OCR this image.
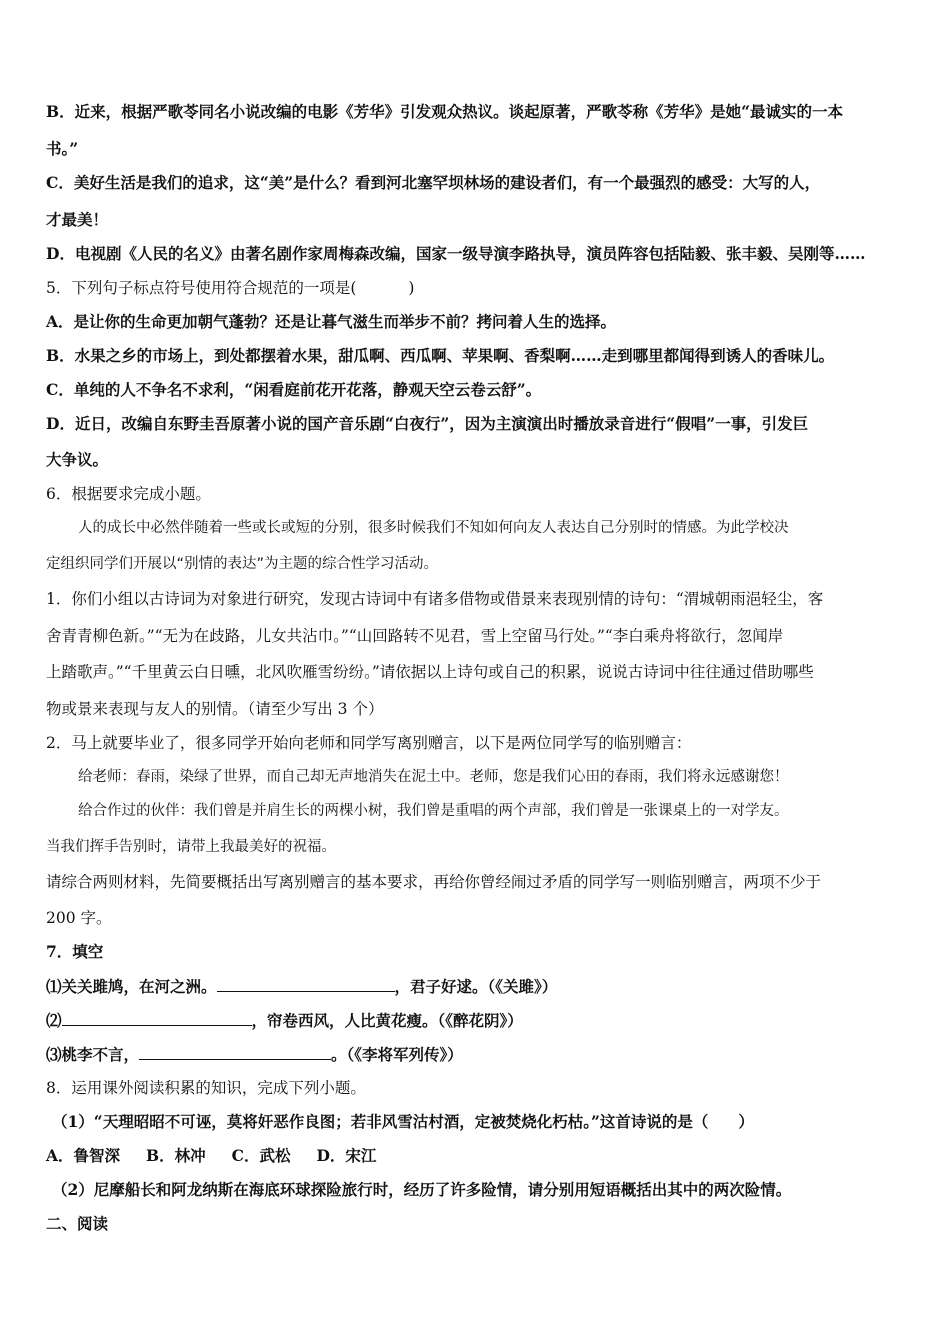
B．近来，根据严歌苓同名小说改编的电影《芳华》引发观众热议。谈起原著，严歌苓称《芳华》是她“最诚实的一本
书。”
C．美好生活是我们的追求，这“美”是什么？看到河北塞罕坝林场的建设者们，有一个最强烈的感受：大写的人，
才最美！
D．电视剧《人民的名义》由著名剧作家周梅森改编，国家一级导演李路执导，演员阵容包括陆毅、张丰毅、吴刚等……
5．下列句子标点符号使用符合规范的一项是(	)
A．是让你的生命更加朝气蓬勃？还是让暮气滋生而举步不前？拷问着人生的选择。
B．水果之乡的市场上，到处都摆着水果，甜瓜啊、西瓜啊、苹果啊、香梨啊……走到哪里都闻得到诱人的香味儿。
C．单纯的人不争名不求利，“闲看庭前花开花落，静观天空云卷云舒”。
D．近日，改编自东野圭吾原著小说的国产音乐剧“白夜行”，因为主演演出时播放录音进行“假唱”一事，引发巨
大争议。
6．根据要求完成小题。
人的成长中必然伴随着一些或长或短的分别，很多时候我们不知如何向友人表达自己分别时的情感。为此学校决
定组织同学们开展以“别情的表达”为主题的综合性学习活动。
1．你们小组以古诗词为对象进行研究，发现古诗词中有诸多借物或借景来表现别情的诗句：“渭城朝雨浥轻尘，客
舍青青柳色新。”“无为在歧路，儿女共沾巾。”“山回路转不见君，雪上空留马行处。”“李白乘舟将欲行，忽闻岸
上踏歌声。”“千里黄云白日曛，北风吹雁雪纷纷。”请依据以上诗句或自己的积累，说说古诗词中往往通过借助哪些
物或景来表现与友人的别情。（请至少写出 3 个）
2．马上就要毕业了，很多同学开始向老师和同学写离别赠言，以下是两位同学写的临别赠言：
给老师：春雨，染绿了世界，而自己却无声地消失在泥土中。老师，您是我们心田的春雨，我们将永远感谢您！
给合作过的伙伴：我们曾是并肩生长的两棵小树，我们曾是重唱的两个声部，我们曾是一张课桌上的一对学友。
当我们挥手告别时，请带上我最美好的祝福。
请综合两则材料，先简要概括出写离别赠言的基本要求，再给你曾经闹过矛盾的同学写一则临别赠言，两项不少于
200 字。
7．填空
⑴关关雎鸠，在河之洲。	，君子好逑。（《关雎》）
⑵	，帘卷西风，人比黄花瘦。（《醉花阴》）
⑶桃李不言，	。（《李将军列传》）
8．运用课外阅读积累的知识，完成下列小题。
（1）“天理昭昭不可诬，莫将奸恶作良图；若非风雪沽村酒，定被焚烧化朽枯。”这首诗说的是（ ）
A．鲁智深 B．林冲 C．武松 D．宋江
（2）尼摩船长和阿龙纳斯在海底环球探险旅行时，经历了许多险情，请分别用短语概括出其中的两次险情。
二、阅读
